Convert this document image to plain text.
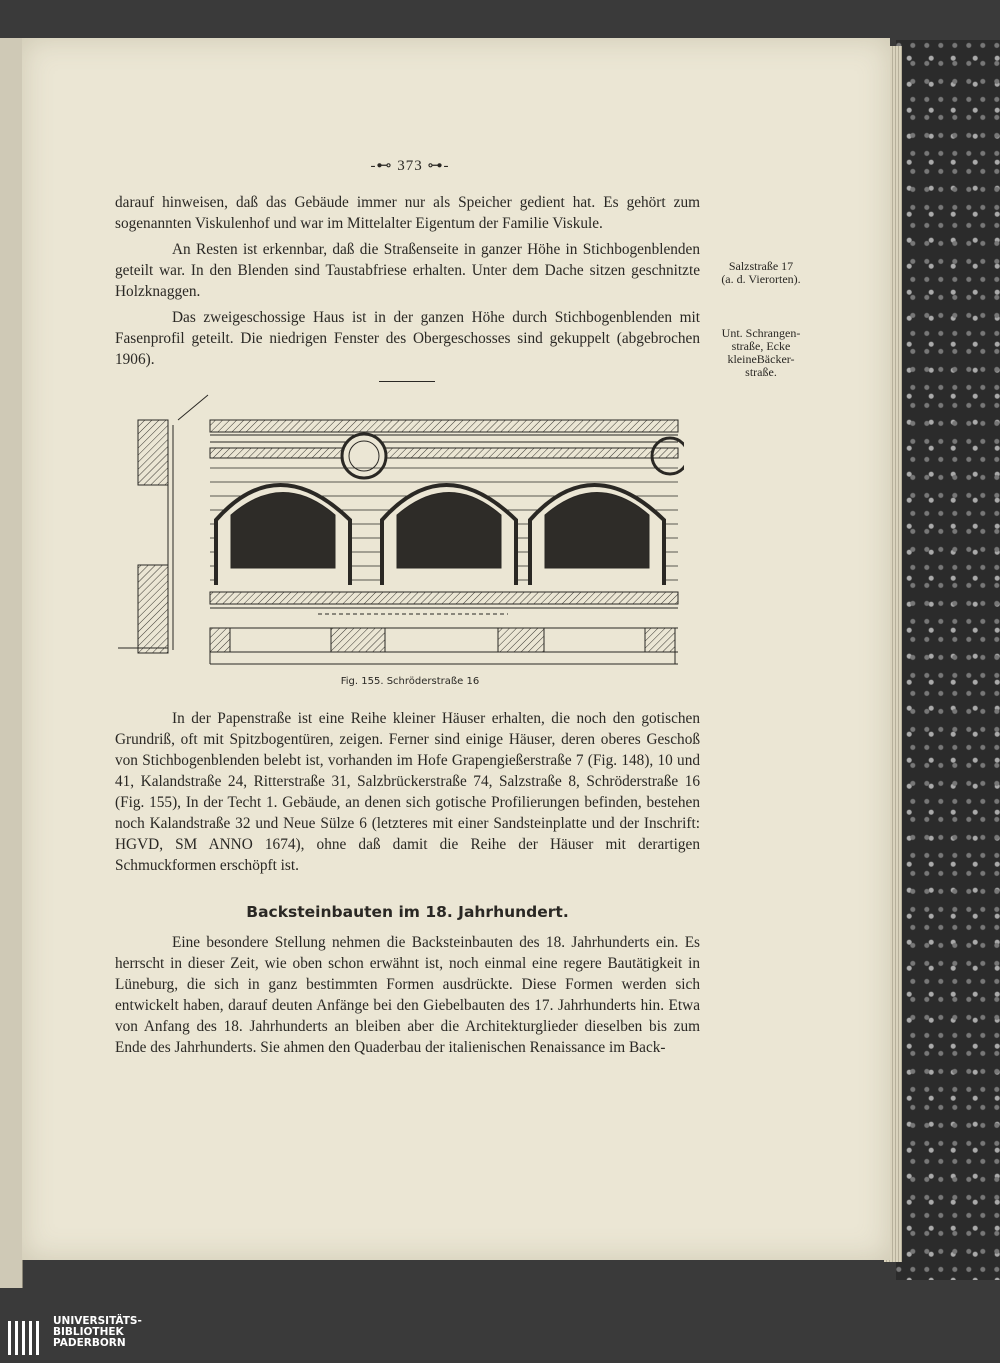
-⊷ 373 ⊶-

darauf hinweisen, daß das Gebäude immer nur als Speicher gedient hat. Es gehört zum sogenannten Viskulenhof und war im Mittelalter Eigentum der Familie Viskule.

An Resten ist erkennbar, daß die Straßenseite in ganzer Höhe in Stichbogenblenden geteilt war. In den Blenden sind Taustabfriese erhalten. Unter dem Dache sitzen geschnitzte Holzknaggen.

Das zweigeschossige Haus ist in der ganzen Höhe durch Stichbogenblenden mit Fasenprofil geteilt. Die niedrigen Fenster des Obergeschosses sind gekuppelt (abgebrochen 1906).

Salzstraße 17
(a. d. Vierorten).
Unt. Schrangen-
straße, Ecke
kleineBäcker-
straße.
Fig. 155. Schröderstraße 16

In der Papenstraße ist eine Reihe kleiner Häuser erhalten, die noch den gotischen Grundriß, oft mit Spitzbogentüren, zeigen. Ferner sind einige Häuser, deren oberes Geschoß von Stichbogenblenden belebt ist, vorhanden im Hofe Grapengießerstraße 7 (Fig. 148), 10 und 41, Kalandstraße 24, Ritterstraße 31, Salzbrückerstraße 74, Salzstraße 8, Schröderstraße 16 (Fig. 155), In der Techt 1. Gebäude, an denen sich gotische Profilierungen befinden, bestehen noch Kalandstraße 32 und Neue Sülze 6 (letzteres mit einer Sandsteinplatte und der Inschrift: HGVD, SM ANNO 1674), ohne daß damit die Reihe der Häuser mit derartigen Schmuckformen erschöpft ist.

Backsteinbauten im 18. Jahrhundert.

Eine besondere Stellung nehmen die Backsteinbauten des 18. Jahrhunderts ein. Es herrscht in dieser Zeit, wie oben schon erwähnt ist, noch einmal eine regere Bautätigkeit in Lüneburg, die sich in ganz bestimmten Formen ausdrückte. Diese Formen werden sich entwickelt haben, darauf deuten Anfänge bei den Giebelbauten des 17. Jahrhunderts hin. Etwa von Anfang des 18. Jahrhunderts an bleiben aber die Architekturglieder dieselben bis zum Ende des Jahrhunderts. Sie ahmen den Quaderbau der italienischen Renaissance im Back-

UNIVERSITÄTS-
BIBLIOTHEK
PADERBORN
